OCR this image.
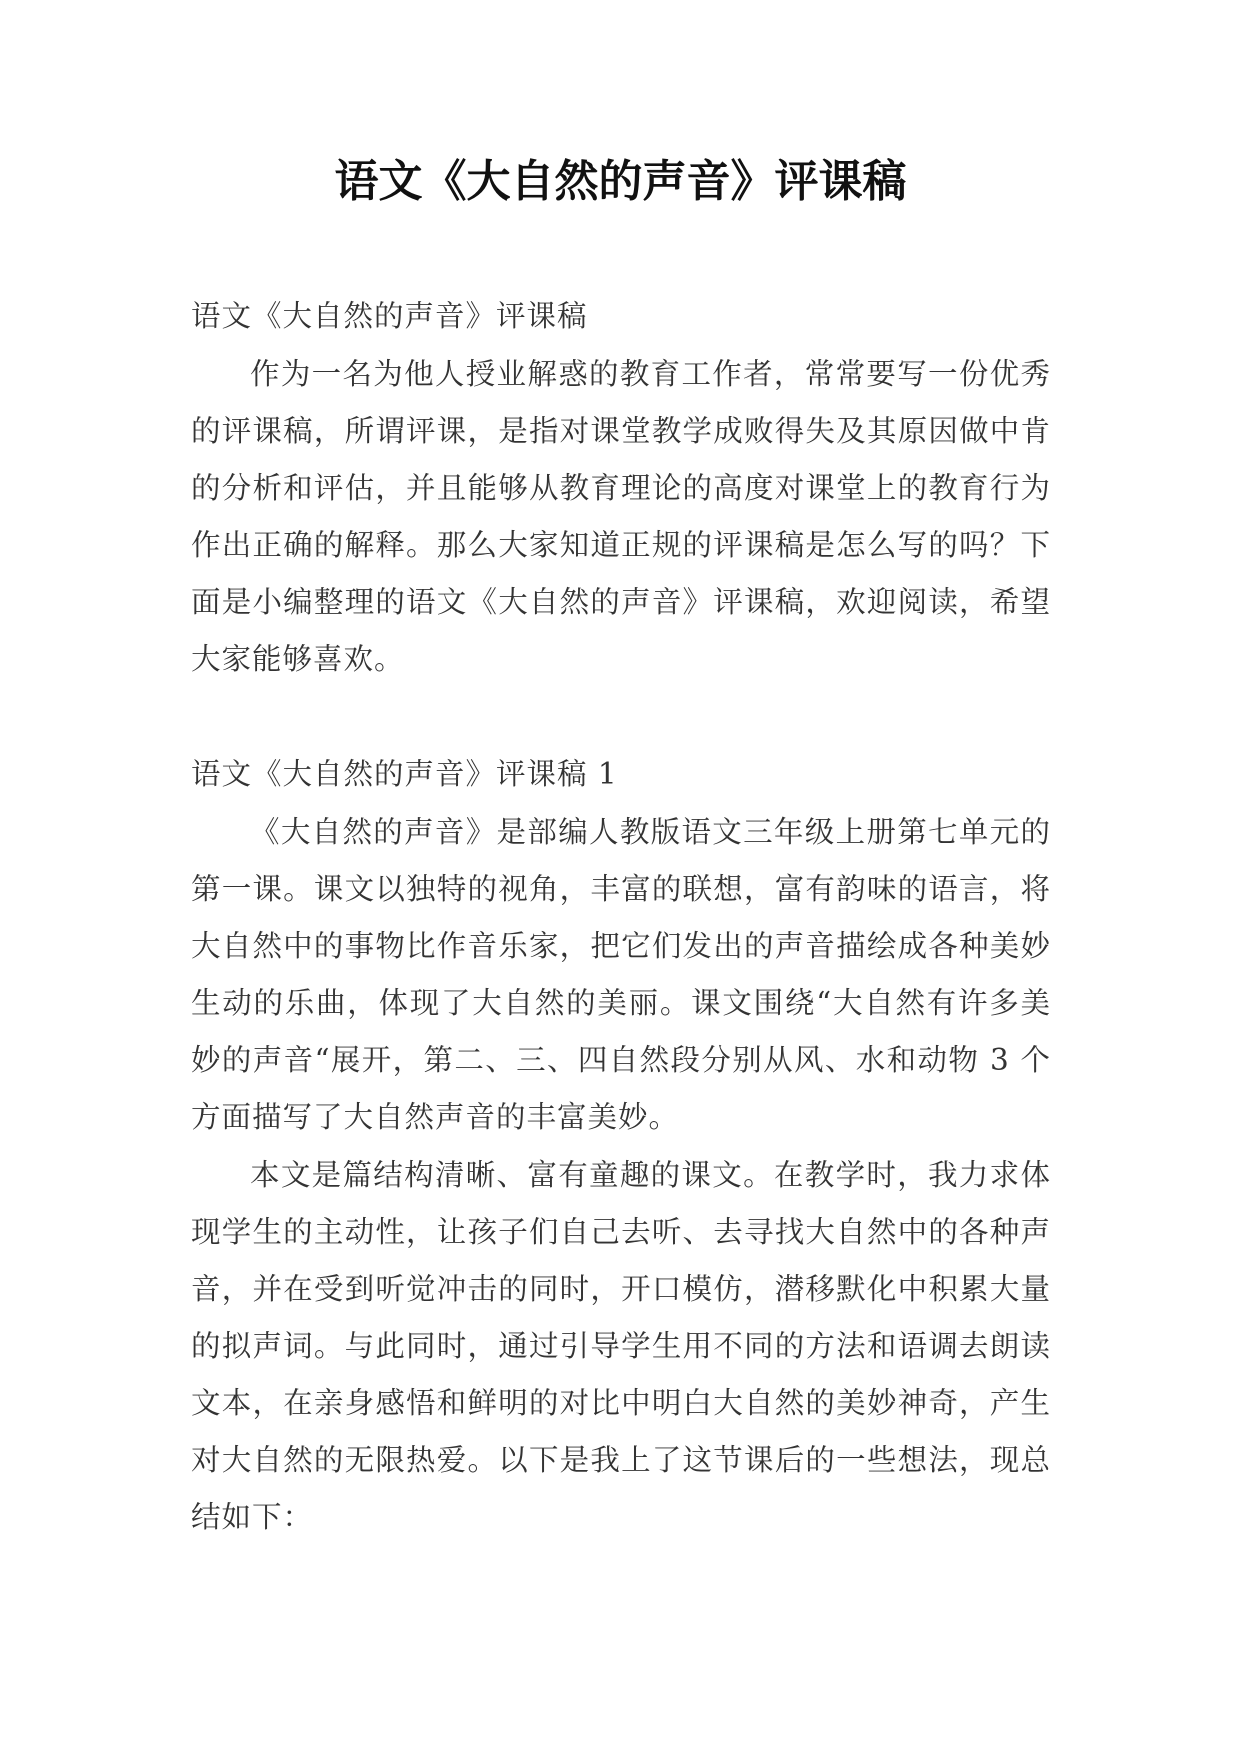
语文《大自然的声音》评课稿

语文《大自然的声音》评课稿

作为一名为他人授业解惑的教育工作者，常常要写一份优秀的评课稿，所谓评课，是指对课堂教学成败得失及其原因做中肯的分析和评估，并且能够从教育理论的高度对课堂上的教育行为作出正确的解释。那么大家知道正规的评课稿是怎么写的吗？下面是小编整理的语文《大自然的声音》评课稿，欢迎阅读，希望大家能够喜欢。

语文《大自然的声音》评课稿 1

《大自然的声音》是部编人教版语文三年级上册第七单元的第一课。课文以独特的视角，丰富的联想，富有韵味的语言，将大自然中的事物比作音乐家，把它们发出的声音描绘成各种美妙生动的乐曲，体现了大自然的美丽。课文围绕“大自然有许多美妙的声音“展开，第二、三、四自然段分别从风、水和动物 3 个方面描写了大自然声音的丰富美妙。

本文是篇结构清晰、富有童趣的课文。在教学时，我力求体现学生的主动性，让孩子们自己去听、去寻找大自然中的各种声音，并在受到听觉冲击的同时，开口模仿，潜移默化中积累大量的拟声词。与此同时，通过引导学生用不同的方法和语调去朗读文本，在亲身感悟和鲜明的对比中明白大自然的美妙神奇，产生对大自然的无限热爱。以下是我上了这节课后的一些想法，现总结如下：
